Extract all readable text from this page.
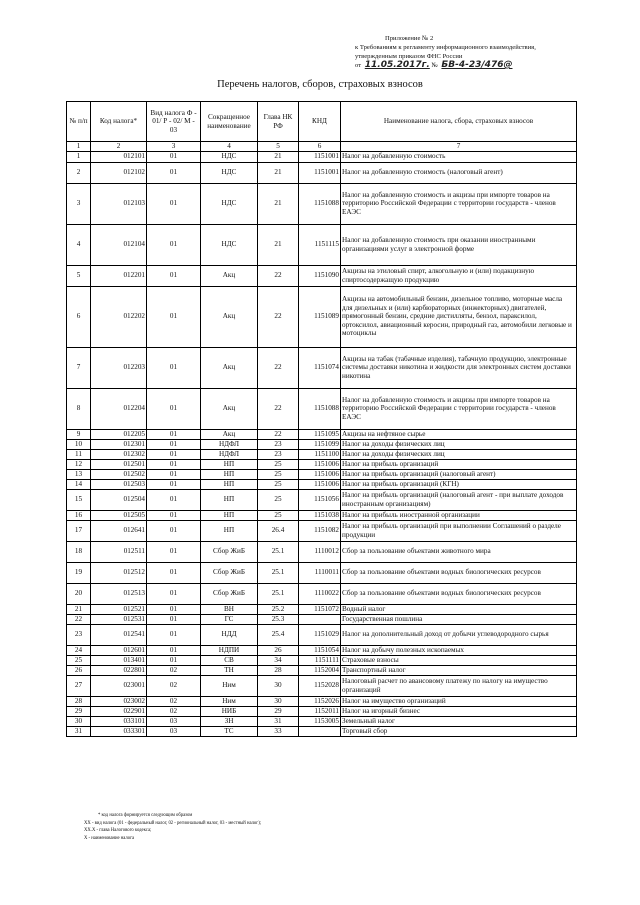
Приложение № 2
к Требованиям к регламенту информационного взаимодействия,
утвержденным приказом ФНС России
от 11.05.2017г. № БВ-4-23/476@
Перечень налогов, сборов, страховых взносов
№ п/п	Код налога*	Вид налога Ф - 01/ Р - 02/ М - 03	Сокращенное наименование	Глава НК РФ	КНД	Наименование налога, сбора, страховых взносов
1	2	3	4	5	6	7
1	012101	01	НДС	21	1151001	Налог на добавленную стоимость
2	012102	01	НДС	21	1151001	Налог на добавленную стоимость (налоговый агент)
3	012103	01	НДС	21	1151088	Налог на добавленную стоимость и акцизы при импорте товаров на территорию Российской Федерации с территории государств - членов ЕАЭС
4	012104	01	НДС	21	1151115	Налог на добавленную стоимость при оказании иностранными организациями услуг в электронной форме
5	012201	01	Акц	22	1151090	Акцизы на этиловый спирт, алкогольную и (или) подакцизную спиртосодержащую продукцию
6	012202	01	Акц	22	1151089	Акцизы на автомобильный бензин, дизельное топливо, моторные масла для дизельных и (или) карбюраторных (инжекторных) двигателей, прямогонный бензин, средние дистилляты, бензол, параксилол, ортоксилол, авиационный керосин, природный газ, автомобили легковые и мотоциклы
7	012203	01	Акц	22	1151074	Акцизы на табак (табачные изделия), табачную продукцию, электронные системы доставки никотина и жидкости для электронных систем доставки никотина
8	012204	01	Акц	22	1151088	Налог на добавленную стоимость и акцизы при импорте товаров на территорию Российской Федерации с территории государств - членов ЕАЭС
9	012205	01	Акц	22	1151095	Акцизы на нефтяное сырье
10	012301	01	НДФЛ	23	1151099	Налог на доходы физических лиц
11	012302	01	НДФЛ	23	1151100	Налог на доходы физических лиц
12	012501	01	НП	25	1151006	Налог на прибыль организаций
13	012502	01	НП	25	1151006	Налог на прибыль организаций (налоговый агент)
14	012503	01	НП	25	1151006	Налог на прибыль организаций (КГН)
15	012504	01	НП	25	1151056	Налог на прибыль организаций (налоговый агент - при выплате доходов иностранным организациям)
16	012505	01	НП	25	1151038	Налог на прибыль иностранной организации
17	012641	01	НП	26.4	1151082	Налог на прибыль организаций при выполнении Соглашений о разделе продукции
18	012511	01	Сбор ЖиБ	25.1	1110012	Сбор за пользование объектами животного мира
19	012512	01	Сбор ЖиБ	25.1	1110011	Сбор за пользование объектами водных биологических ресурсов
20	012513	01	Сбор ЖиБ	25.1	1110022	Сбор за пользование объектами водных биологических ресурсов
21	012521	01	ВН	25.2	1151072	Водный налог
22	012531	01	ГС	25.3		Государственная пошлина
23	012541	01	НДД	25.4	1151029	Налог на дополнительный доход от добычи углеводородного сырья
24	012601	01	НДПИ	26	1151054	Налог на добычу полезных ископаемых
25	013401	01	СВ	34	1151111	Страховые взносы
26	022801	02	ТН	28	1152004	Транспортный налог
27	023001	02	Ним	30	1152028	Налоговый расчет по авансовому платежу по налогу на имущество организаций
28	023002	02	Ним	30	1152026	Налог на имущество организаций
29	022901	02	НИБ	29	1152011	Налог на игорный бизнес
30	033101	03	ЗН	31	1153005	Земельный налог
31	033301	03	ТС	33		Торговый сбор
* код налога формируется следующим образом
XX - вид налога (01 - федеральный налог, 02 - региональный налог, 03 - местный налог);
XX.X - глава Налогового кодекса;
X - наименование налога
